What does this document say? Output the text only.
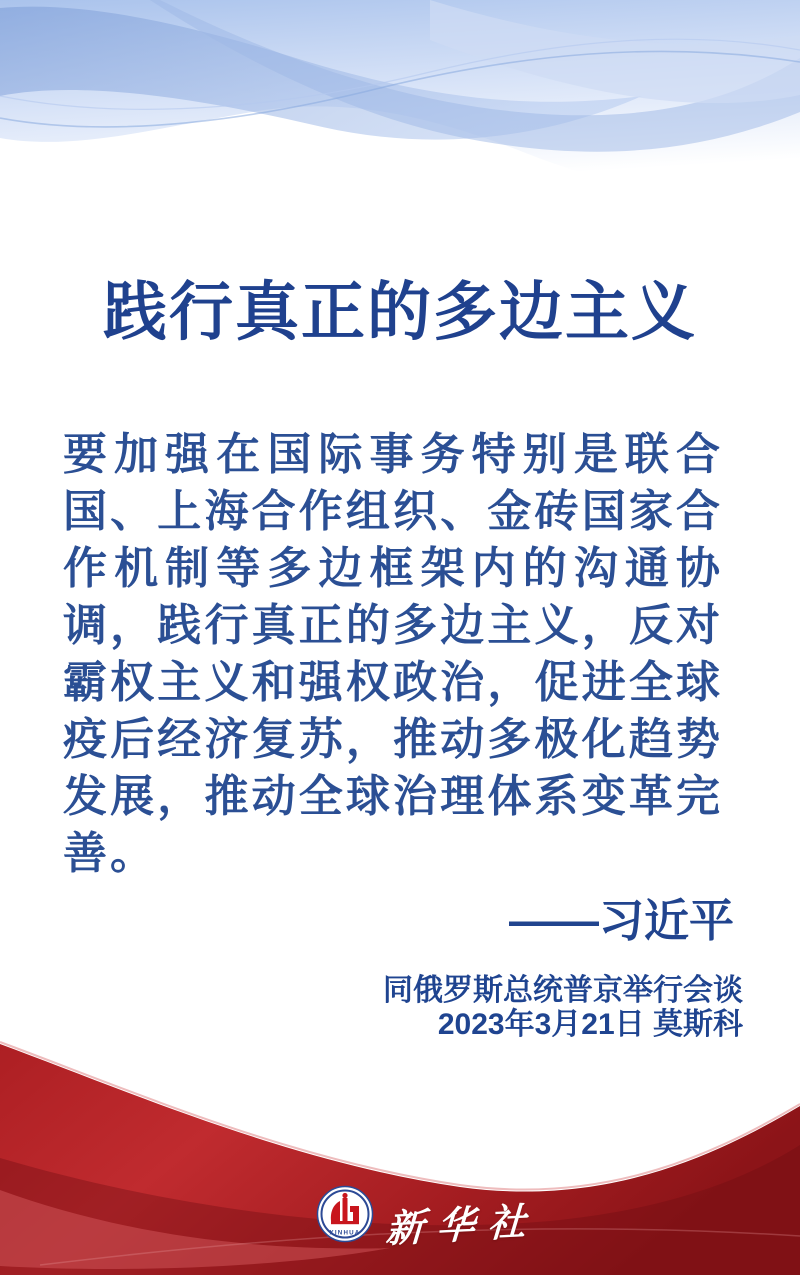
践行真正的多边主义

要加强在国际事务特别是联合国、上海合作组织、金砖国家合作机制等多边框架内的沟通协调，践行真正的多边主义，反对霸权主义和强权政治，促进全球疫后经济复苏，推动多极化趋势发展，推动全球治理体系变革完善。

——习近平
同俄罗斯总统普京举行会谈
2023年3月21日 莫斯科
XINHUA 新华社
